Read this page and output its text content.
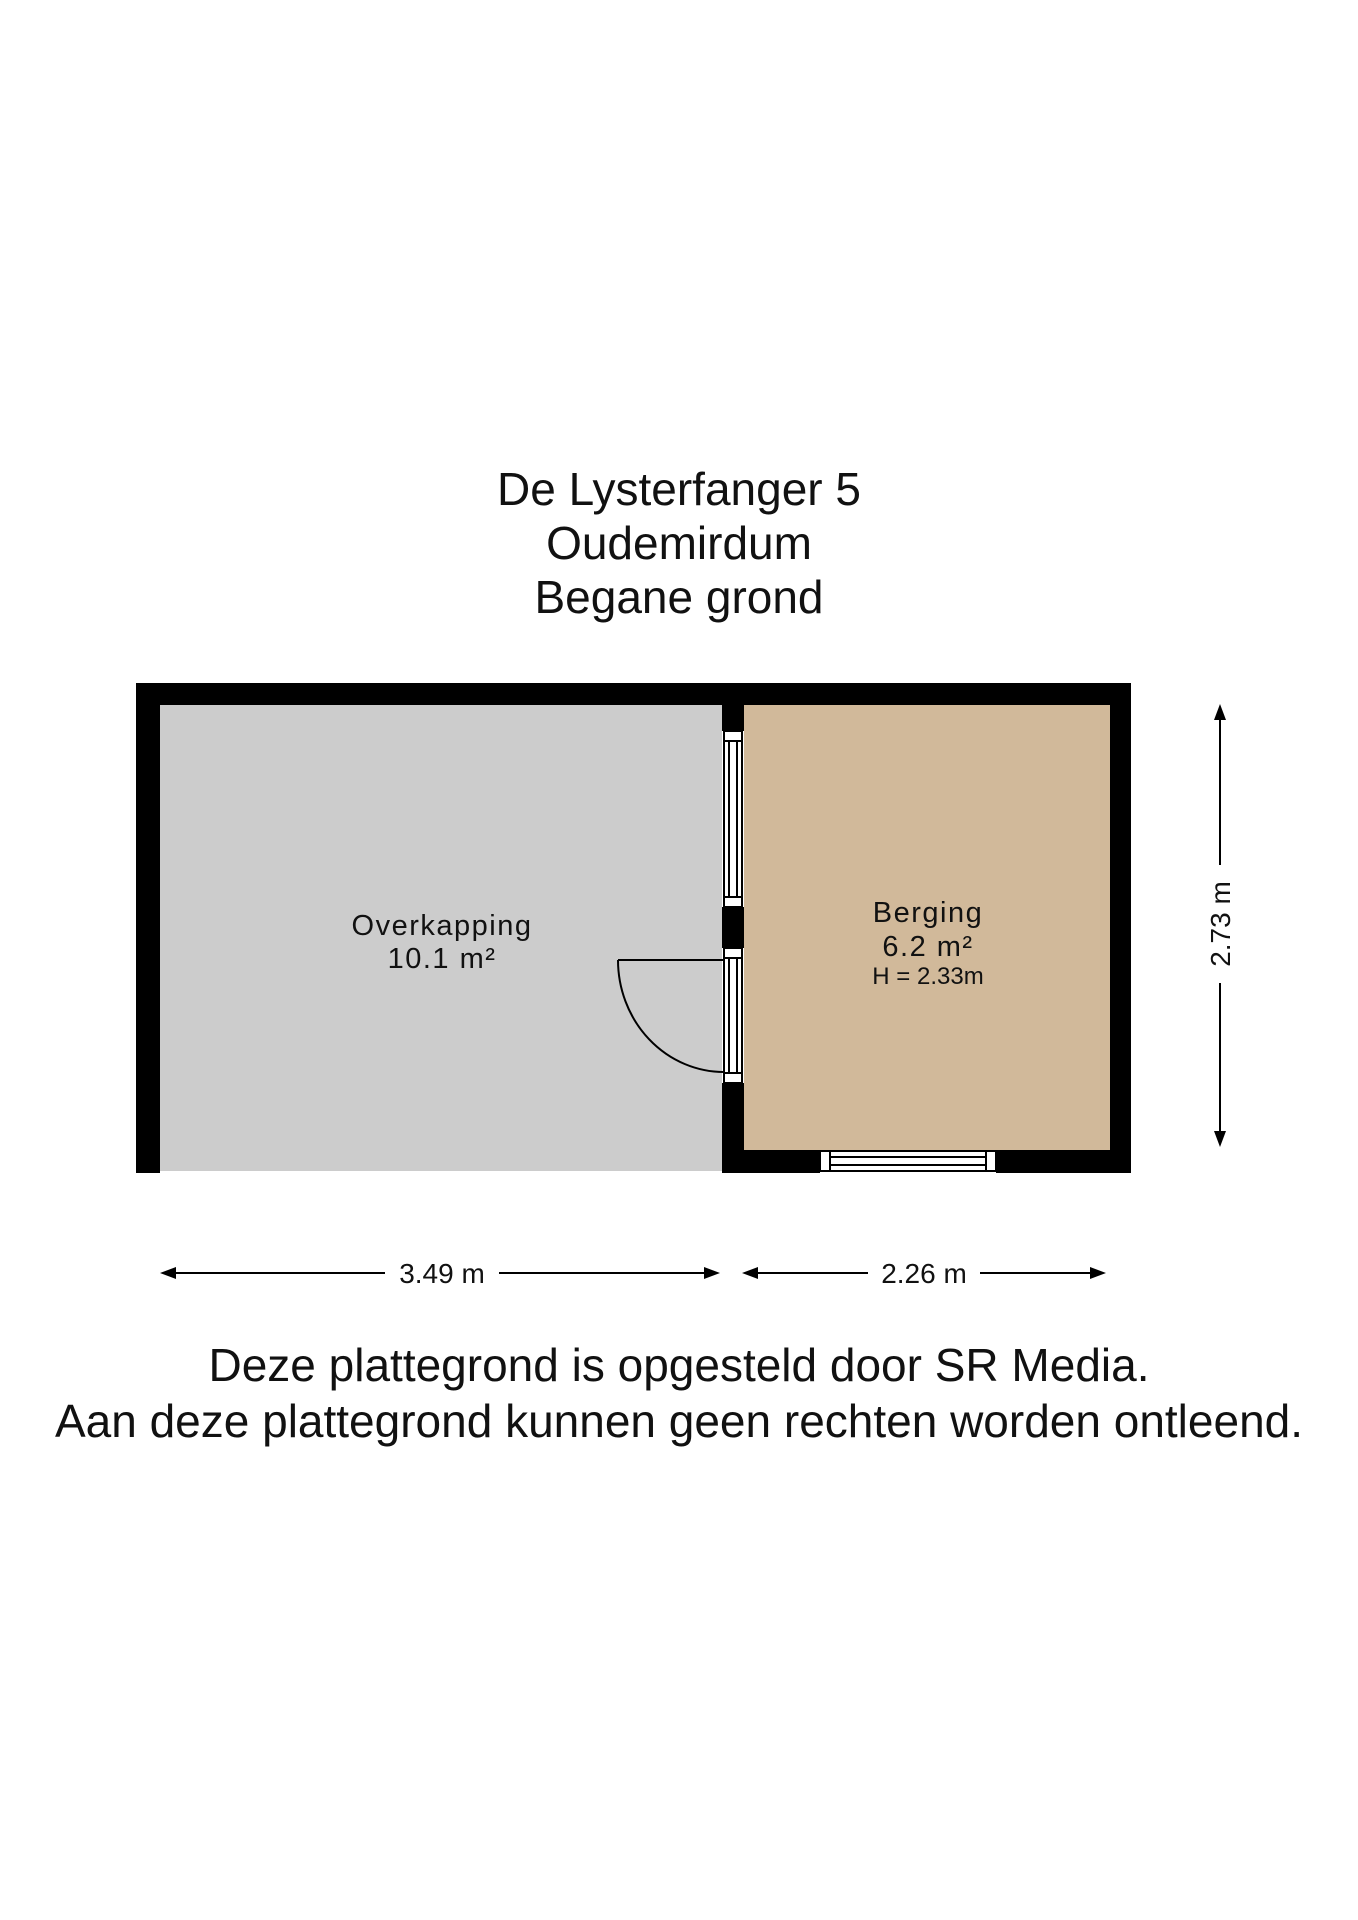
De Lysterfanger 5
Oudemirdum
Begane grond
Overkapping
10.1 m²
Berging
6.2 m²
H = 2.33m
3.49 m	2.26 m
2.73 m
Deze plattegrond is opgesteld door SR Media.
Aan deze plattegrond kunnen geen rechten worden ontleend.
